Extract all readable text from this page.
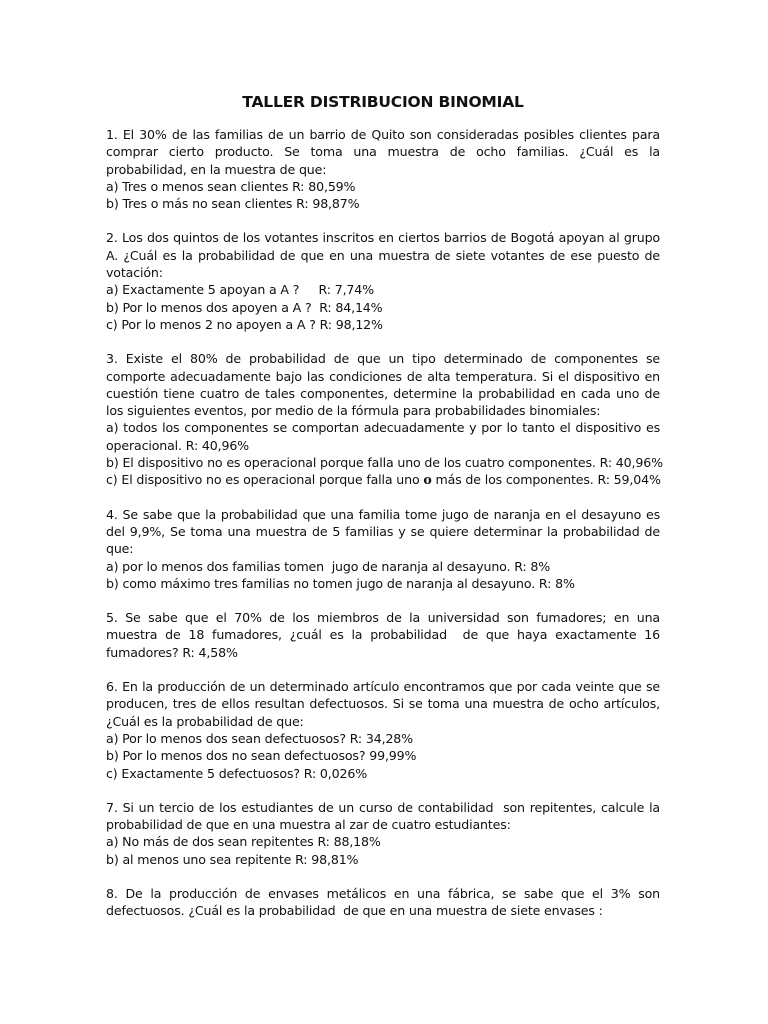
TALLER DISTRIBUCION BINOMIAL

1. El 30% de las familias de un barrio de Quito son consideradas posibles clientes para comprar cierto producto. Se toma una muestra de ocho familias. ¿Cuál es la probabilidad, en la muestra de que:

a) Tres o menos sean clientes R: 80,59%

b) Tres o más no sean clientes R: 98,87%

2. Los dos quintos de los votantes inscritos en ciertos barrios de Bogotá apoyan al grupo A. ¿Cuál es la probabilidad de que en una muestra de siete votantes de ese puesto de votación:

a) Exactamente 5 apoyan a A ?     R: 7,74%

b) Por lo menos dos apoyen a A ?  R: 84,14%

c) Por lo menos 2 no apoyen a A ? R: 98,12%

3. Existe el 80% de probabilidad de que un tipo determinado de componentes se comporte adecuadamente bajo las condiciones de alta temperatura. Si el dispositivo en cuestión tiene cuatro de tales componentes, determine la probabilidad en cada uno de los siguientes eventos, por medio de la fórmula para probabilidades binomiales:

a) todos los componentes se comportan adecuadamente y por lo tanto el dispositivo es operacional. R: 40,96%

b) El dispositivo no es operacional porque falla uno de los cuatro componentes. R: 40,96%

c) El dispositivo no es operacional porque falla uno o más de los componentes. R: 59,04%

4. Se sabe que la probabilidad que una familia tome jugo de naranja en el desayuno es del 9,9%, Se toma una muestra de 5 familias y se quiere determinar la probabilidad de que:

a) por lo menos dos familias tomen  jugo de naranja al desayuno. R: 8%

b) como máximo tres familias no tomen jugo de naranja al desayuno. R: 8%

5. Se sabe que el 70% de los miembros de la universidad son fumadores; en una muestra de 18 fumadores, ¿cuál es la probabilidad  de que haya exactamente 16 fumadores? R: 4,58%

6. En la producción de un determinado artículo encontramos que por cada veinte que se producen, tres de ellos resultan defectuosos. Si se toma una muestra de ocho artículos, ¿Cuál es la probabilidad de que:

a) Por lo menos dos sean defectuosos? R: 34,28%

b) Por lo menos dos no sean defectuosos? 99,99%

c) Exactamente 5 defectuosos? R: 0,026%

7. Si un tercio de los estudiantes de un curso de contabilidad  son repitentes, calcule la probabilidad de que en una muestra al zar de cuatro estudiantes:

a) No más de dos sean repitentes R: 88,18%

b) al menos uno sea repitente R: 98,81%

8. De la producción de envases metálicos en una fábrica, se sabe que el 3% son defectuosos. ¿Cuál es la probabilidad  de que en una muestra de siete envases :
